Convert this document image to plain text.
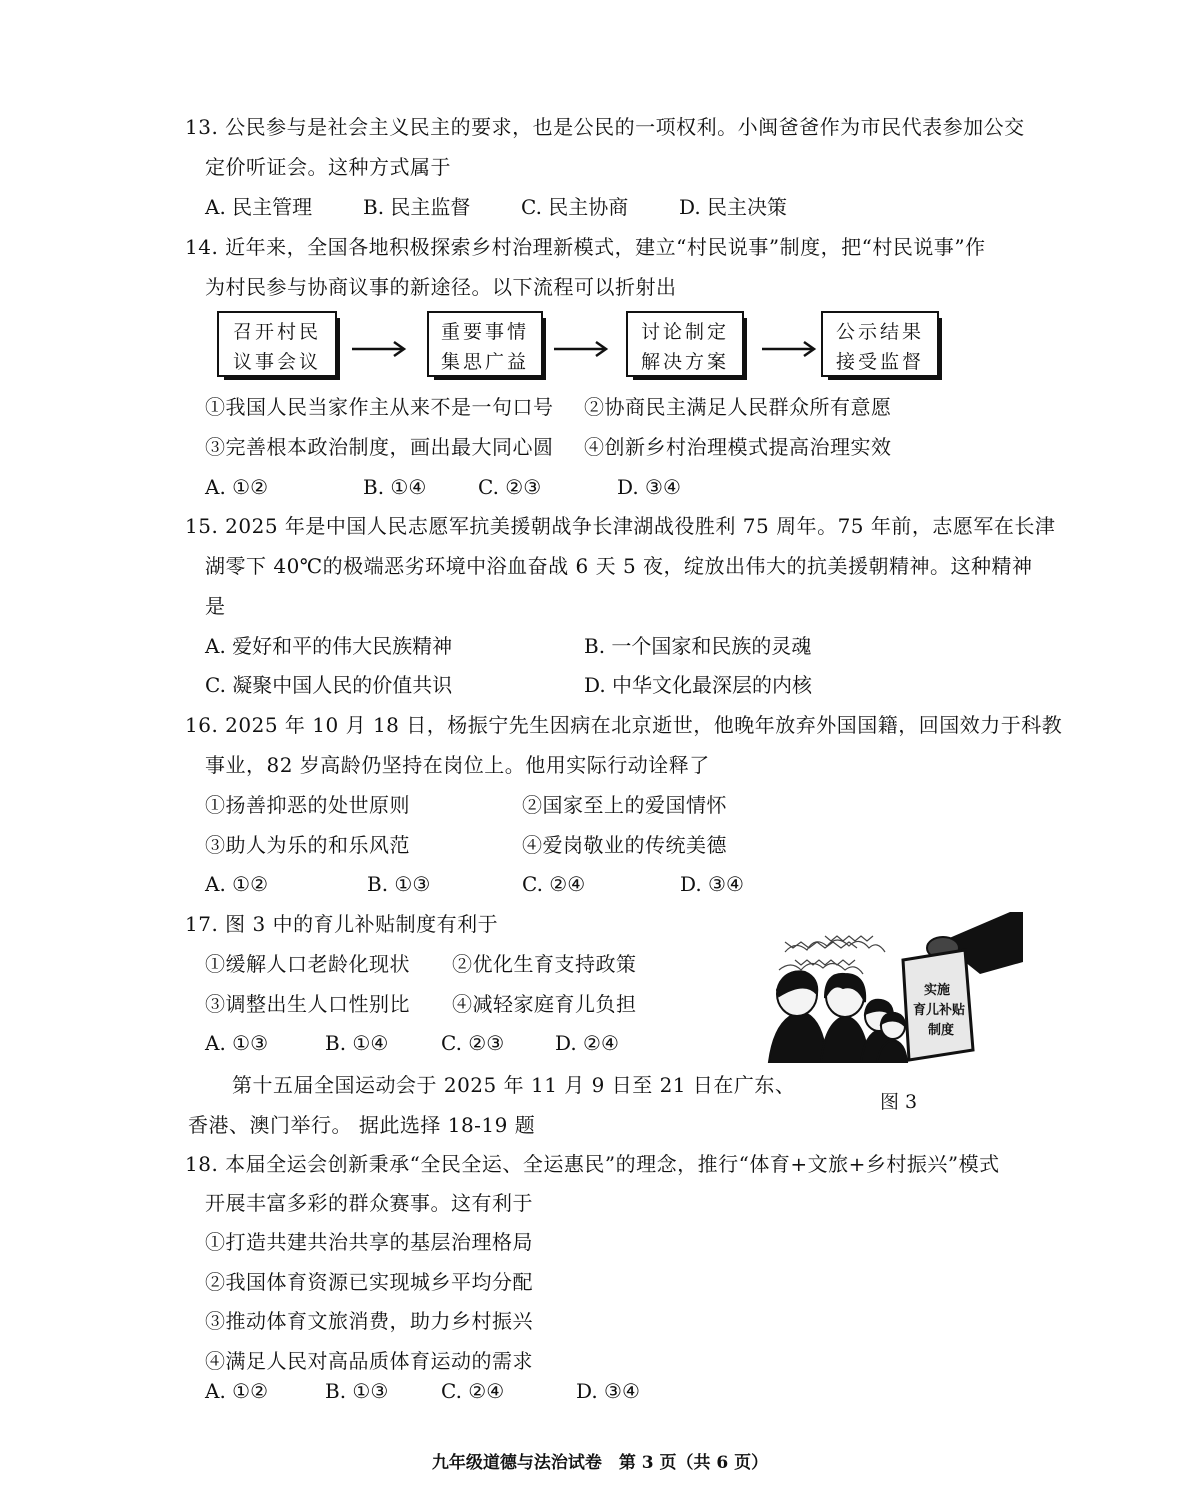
13. 公民参与是社会主义民主的要求，也是公民的一项权利。小闽爸爸作为市民代表参加公交
定价听证会。这种方式属于
A. 民主管理	B. 民主监督	C. 民主协商	D. 民主决策
14. 近年来，全国各地积极探索乡村治理新模式，建立“村民说事”制度，把“村民说事”作
为村民参与协商议事的新途径。以下流程可以折射出
召开村民
议事会议
重要事情
集思广益
讨论制定
解决方案
公示结果
接受监督
①我国人民当家作主从来不是一句口号 ②协商民主满足人民群众所有意愿
③完善根本政治制度，画出最大同心圆 ④创新乡村治理模式提高治理实效
A. ①②	B. ①④	C. ②③	D. ③④
15. 2025 年是中国人民志愿军抗美援朝战争长津湖战役胜利 75 周年。75 年前，志愿军在长津
湖零下 40℃的极端恶劣环境中浴血奋战 6 天 5 夜，绽放出伟大的抗美援朝精神。这种精神
是
A. 爱好和平的伟大民族精神	B. 一个国家和民族的灵魂
C. 凝聚中国人民的价值共识	D. 中华文化最深层的内核
16. 2025 年 10 月 18 日，杨振宁先生因病在北京逝世，他晚年放弃外国国籍，回国效力于科教
事业，82 岁高龄仍坚持在岗位上。他用实际行动诠释了
①扬善抑恶的处世原则	②国家至上的爱国情怀
③助人为乐的和乐风范	④爱岗敬业的传统美德
A. ①②	B. ①③	C. ②④	D. ③④
17. 图 3 中的育儿补贴制度有利于
①缓解人口老龄化现状 ②优化生育支持政策
③调整出生人口性别比 ④减轻家庭育儿负担
A. ①③	B. ①④	C. ②③	D. ②④
实施
育儿补贴
制度
图 3
第十五届全国运动会于 2025 年 11 月 9 日至 21 日在广东、
香港、澳门举行。 据此选择 18-19 题
18. 本届全运会创新秉承“全民全运、全运惠民”的理念，推行“体育+文旅+乡村振兴”模式
开展丰富多彩的群众赛事。这有利于
①打造共建共治共享的基层治理格局
②我国体育资源已实现城乡平均分配
③推动体育文旅消费，助力乡村振兴
④满足人民对高品质体育运动的需求
A. ①②	B. ①③	C. ②④	D. ③④
九年级道德与法治试卷　第 3 页（共 6 页）
